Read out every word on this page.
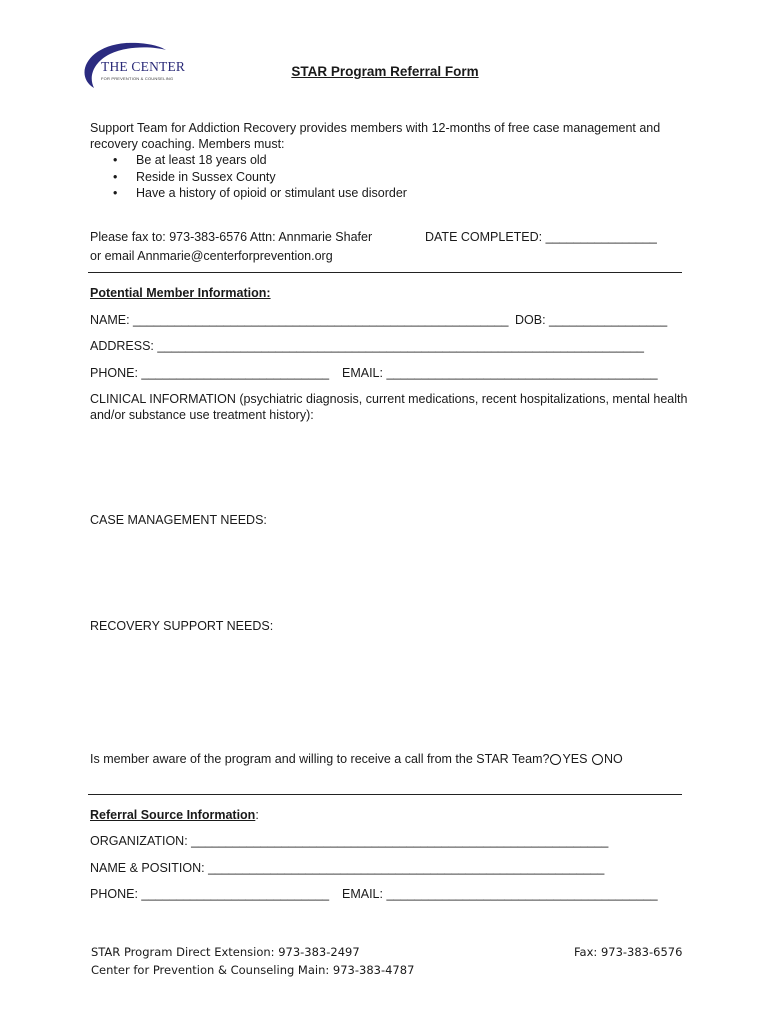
THE CENTER
FOR PREVENTION & COUNSELING	STAR Program Referral Form
Support Team for Addiction Recovery provides members with 12-months of free case management and recovery coaching. Members must:
• Be at least 18 years old
• Reside in Sussex County
• Have a history of opioid or stimulant use disorder
Please fax to: 973-383-6576 Attn: Annmarie Shafer
or email Annmarie@centerforprevention.org
DATE COMPLETED: ________________
Potential Member Information:
NAME: ______________________________________________________ DOB: _________________
ADDRESS: ______________________________________________________________________
PHONE: ___________________________ EMAIL: _______________________________________
CLINICAL INFORMATION (psychiatric diagnosis, current medications, recent hospitalizations, mental health and/or substance use treatment history):
CASE MANAGEMENT NEEDS:
RECOVERY SUPPORT NEEDS:
Is member aware of the program and willing to receive a call from the STAR Team? YES NO
Referral Source Information:
ORGANIZATION: ____________________________________________________________
NAME & POSITION: _________________________________________________________
PHONE: ___________________________ EMAIL: _______________________________________
STAR Program Direct Extension: 973-383-2497
Center for Prevention & Counseling Main: 973-383-4787
Fax: 973-383-6576
